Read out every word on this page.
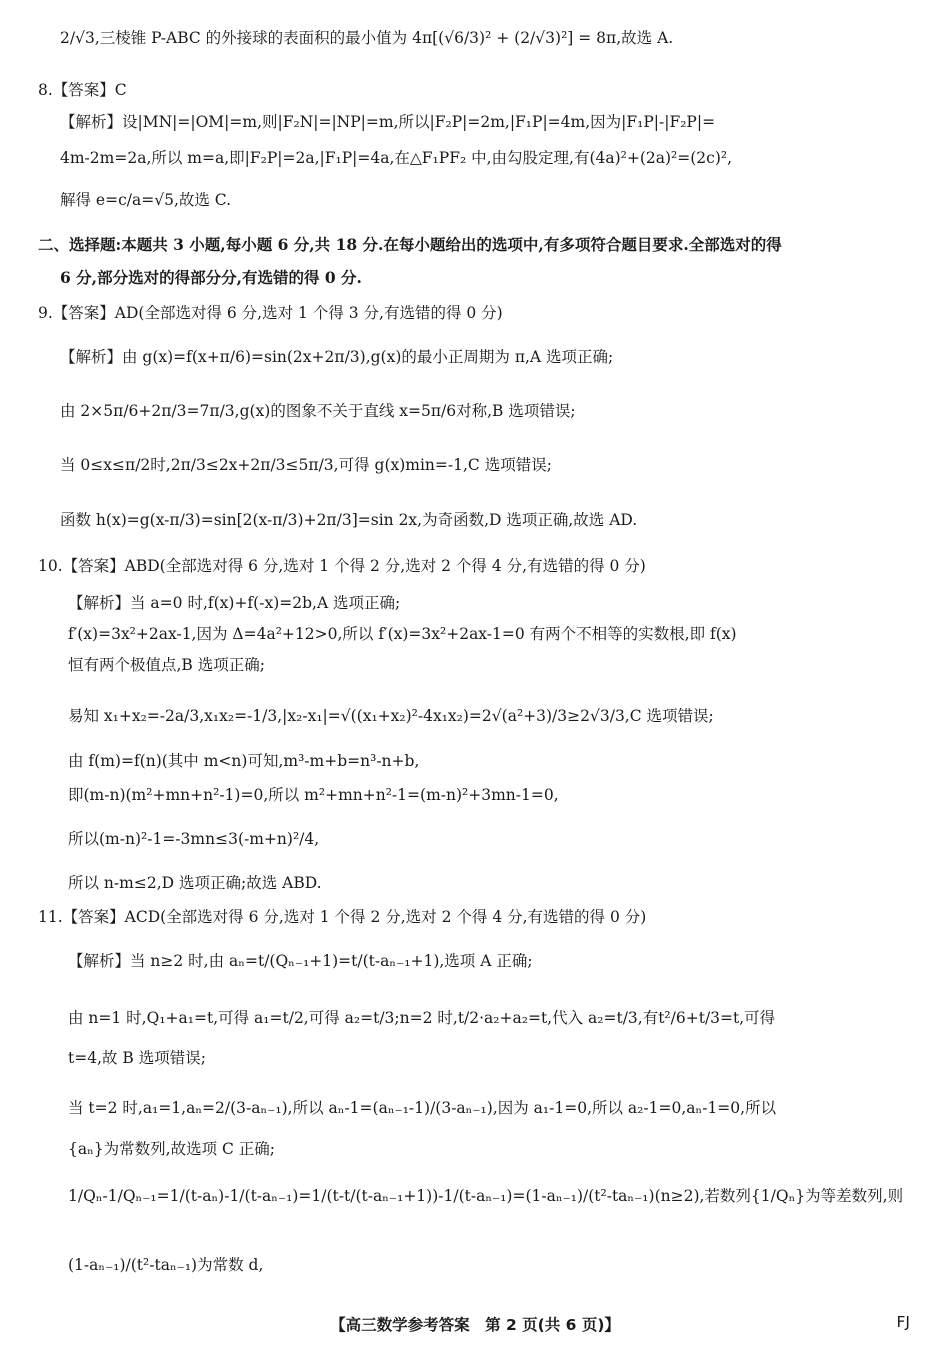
2/√3,三棱锥 P-ABC 的外接球的表面积的最小值为 4π[(√6/3)² + (2/√3)²] = 8π,故选 A.
8.【答案】C
【解析】设|MN|=|OM|=m,则|F₂N|=|NP|=m,所以|F₂P|=2m,|F₁P|=4m,因为|F₁P|-|F₂P|=
4m-2m=2a,所以 m=a,即|F₂P|=2a,|F₁P|=4a,在△F₁PF₂ 中,由勾股定理,有(4a)²+(2a)²=(2c)²,
解得 e=c/a=√5,故选 C.
二、选择题:本题共 3 小题,每小题 6 分,共 18 分.在每小题给出的选项中,有多项符合题目要求.全部选对的得
6 分,部分选对的得部分分,有选错的得 0 分.
9.【答案】AD(全部选对得 6 分,选对 1 个得 3 分,有选错的得 0 分)
【解析】由 g(x)=f(x+π/6)=sin(2x+2π/3),g(x)的最小正周期为 π,A 选项正确;
由 2×5π/6+2π/3=7π/3,g(x)的图象不关于直线 x=5π/6对称,B 选项错误;
当 0≤x≤π/2时,2π/3≤2x+2π/3≤5π/3,可得 g(x)min=-1,C 选项错误;
函数 h(x)=g(x-π/3)=sin[2(x-π/3)+2π/3]=sin 2x,为奇函数,D 选项正确,故选 AD.
10.【答案】ABD(全部选对得 6 分,选对 1 个得 2 分,选对 2 个得 4 分,有选错的得 0 分)
【解析】当 a=0 时,f(x)+f(-x)=2b,A 选项正确;
f′(x)=3x²+2ax-1,因为 Δ=4a²+12>0,所以 f′(x)=3x²+2ax-1=0 有两个不相等的实数根,即 f(x)
恒有两个极值点,B 选项正确;
易知 x₁+x₂=-2a/3,x₁x₂=-1/3,|x₂-x₁|=√((x₁+x₂)²-4x₁x₂)=2√(a²+3)/3≥2√3/3,C 选项错误;
由 f(m)=f(n)(其中 m<n)可知,m³-m+b=n³-n+b,
即(m-n)(m²+mn+n²-1)=0,所以 m²+mn+n²-1=(m-n)²+3mn-1=0,
所以(m-n)²-1=-3mn≤3(-m+n)²/4,
所以 n-m≤2,D 选项正确;故选 ABD.
11.【答案】ACD(全部选对得 6 分,选对 1 个得 2 分,选对 2 个得 4 分,有选错的得 0 分)
【解析】当 n≥2 时,由 aₙ=t/(Qₙ₋₁+1)=t/(t-aₙ₋₁+1),选项 A 正确;
由 n=1 时,Q₁+a₁=t,可得 a₁=t/2,可得 a₂=t/3;n=2 时,t/2·a₂+a₂=t,代入 a₂=t/3,有t²/6+t/3=t,可得
t=4,故 B 选项错误;
当 t=2 时,a₁=1,aₙ=2/(3-aₙ₋₁),所以 aₙ-1=(aₙ₋₁-1)/(3-aₙ₋₁),因为 a₁-1=0,所以 a₂-1=0,aₙ-1=0,所以
{aₙ}为常数列,故选项 C 正确;
1/Qₙ-1/Qₙ₋₁=1/(t-aₙ)-1/(t-aₙ₋₁)=1/(t-t/(t-aₙ₋₁+1))-1/(t-aₙ₋₁)=(1-aₙ₋₁)/(t²-taₙ₋₁)(n≥2),若数列{1/Qₙ}为等差数列,则
(1-aₙ₋₁)/(t²-taₙ₋₁)为常数 d,
【高三数学参考答案　第 2 页(共 6 页)】	FJ
